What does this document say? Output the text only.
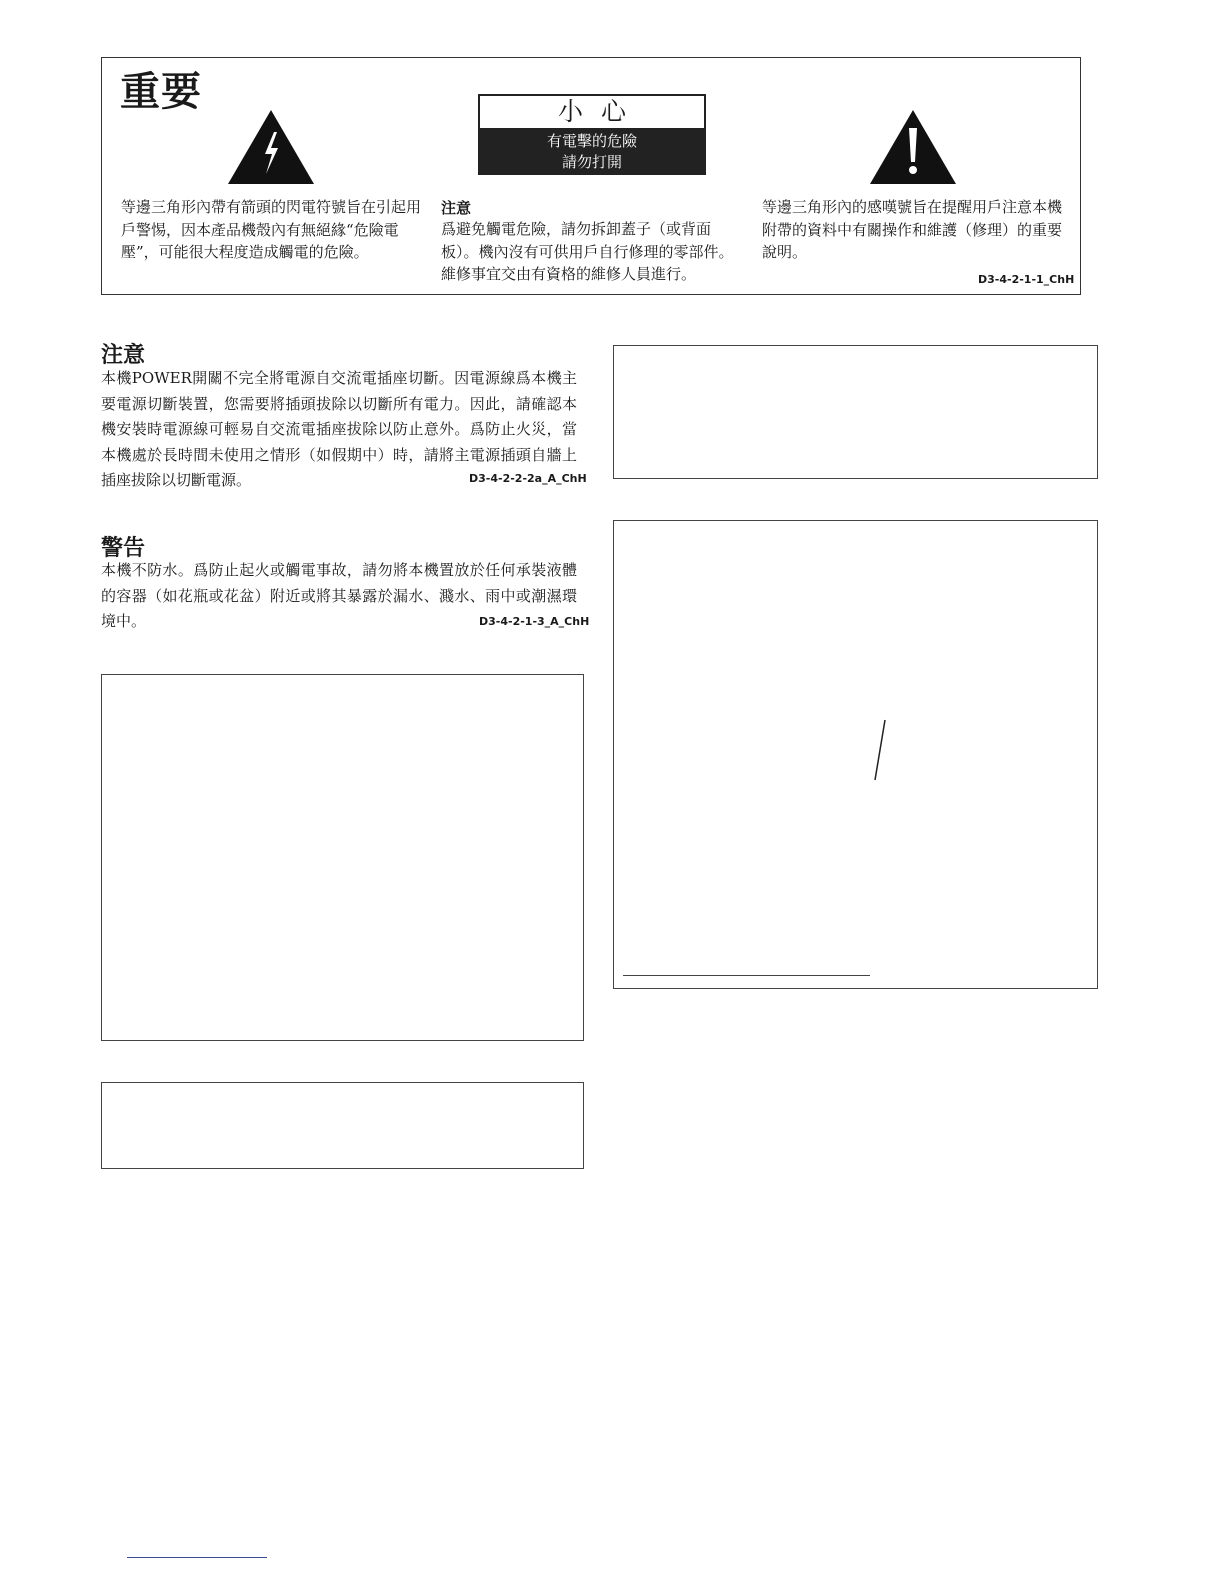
重要	小心
有電擊的危險
請勿打開
等邊三角形內帶有箭頭的閃電符號旨在引起用戶警惕，因本產品機殼內有無絕緣“危險電壓”，可能很大程度造成觸電的危險。
注意
爲避免觸電危險，請勿拆卸蓋子（或背面板）。機內沒有可供用戶自行修理的零部件。維修事宜交由有資格的維修人員進行。
等邊三角形內的感嘆號旨在提醒用戶注意本機附帶的資料中有關操作和維護（修理）的重要說明。
D3-4-2-1-1_ChH
注意
本機POWER開關不完全將電源自交流電插座切斷。因電源線爲本機主要電源切斷裝置，您需要將插頭拔除以切斷所有電力。因此，請確認本機安裝時電源線可輕易自交流電插座拔除以防止意外。爲防止火災，當本機處於長時間未使用之情形（如假期中）時，請將主電源插頭自牆上插座拔除以切斷電源。	D3-4-2-2-2a_A_ChH
警告
本機不防水。爲防止起火或觸電事故，請勿將本機置放於任何承裝液體的容器（如花瓶或花盆）附近或將其暴露於漏水、濺水、雨中或潮濕環境中。	D3-4-2-1-3_A_ChH
